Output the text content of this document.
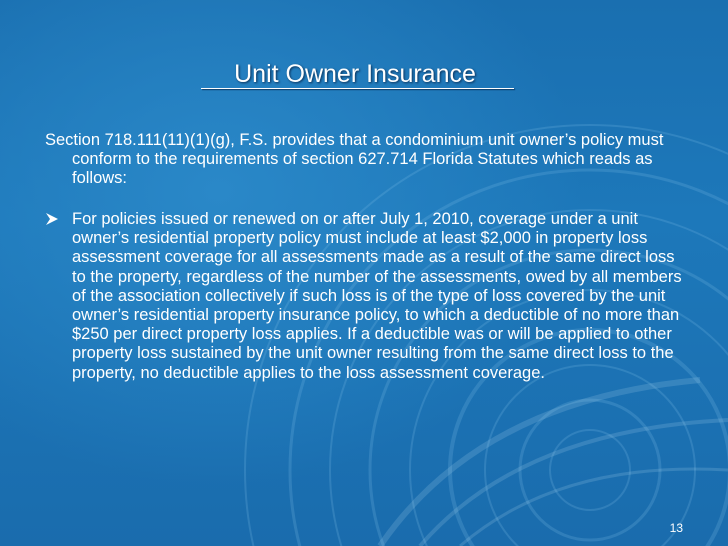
Unit Owner Insurance
Section 718.111(11)(1)(g), F.S. provides that a condominium unit owner’s policy must conform to the requirements of section 627.714 Florida Statutes which reads as follows:
For policies issued or renewed on or after July 1, 2010, coverage under a unit owner’s residential property policy must include at least $2,000 in property loss assessment coverage for all assessments made as a result of the same direct loss to the property, regardless of the number of the assessments, owed by all members of the association collectively if such loss is of the type of loss covered by the unit owner’s residential property insurance policy, to which a deductible of no more than $250 per direct property loss applies. If a deductible was or will be applied to other property loss sustained by the unit owner resulting from the same direct loss to the property, no deductible applies to the loss assessment coverage.
13
